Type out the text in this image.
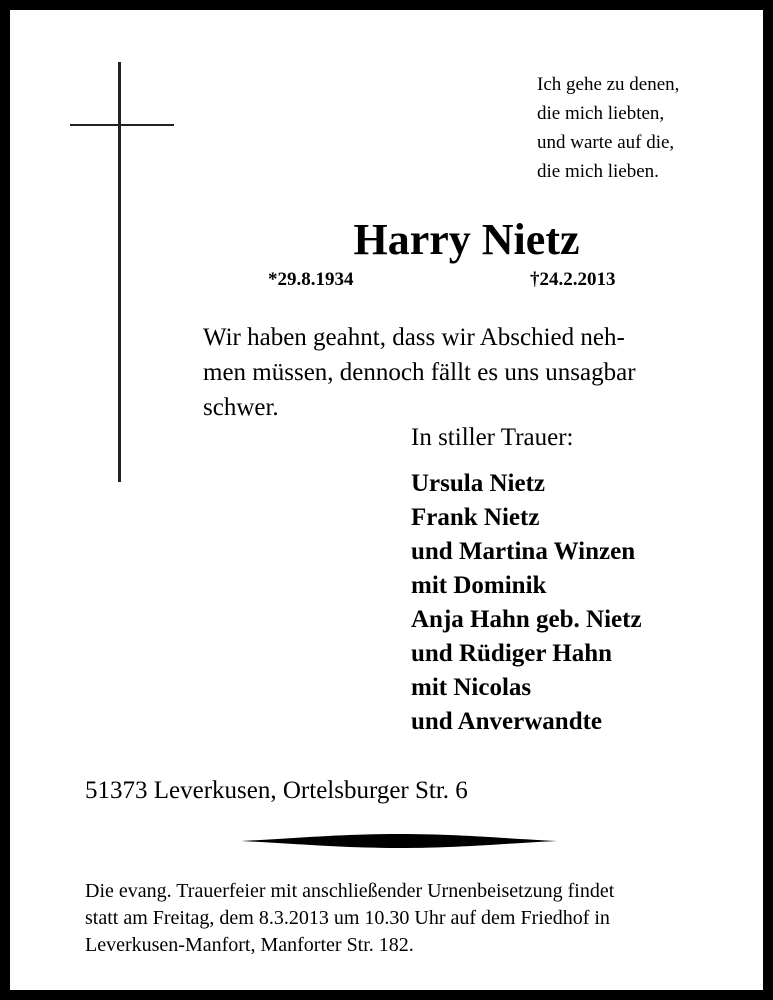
Ich gehe zu denen,
die mich liebten,
und warte auf die,
die mich lieben.
Harry Nietz
*29.8.1934	†24.2.2013
Wir haben geahnt, dass wir Abschied neh-
men müssen, dennoch fällt es uns unsagbar
schwer.
In stiller Trauer:
Ursula Nietz
Frank Nietz
und Martina Winzen
mit Dominik
Anja Hahn geb. Nietz
und Rüdiger Hahn
mit Nicolas
und Anverwandte
51373 Leverkusen, Ortelsburger Str. 6
Die evang. Trauerfeier mit anschließender Urnenbeisetzung findet
statt am Freitag, dem 8.3.2013 um 10.30 Uhr auf dem Friedhof in
Leverkusen-Manfort, Manforter Str. 182.
